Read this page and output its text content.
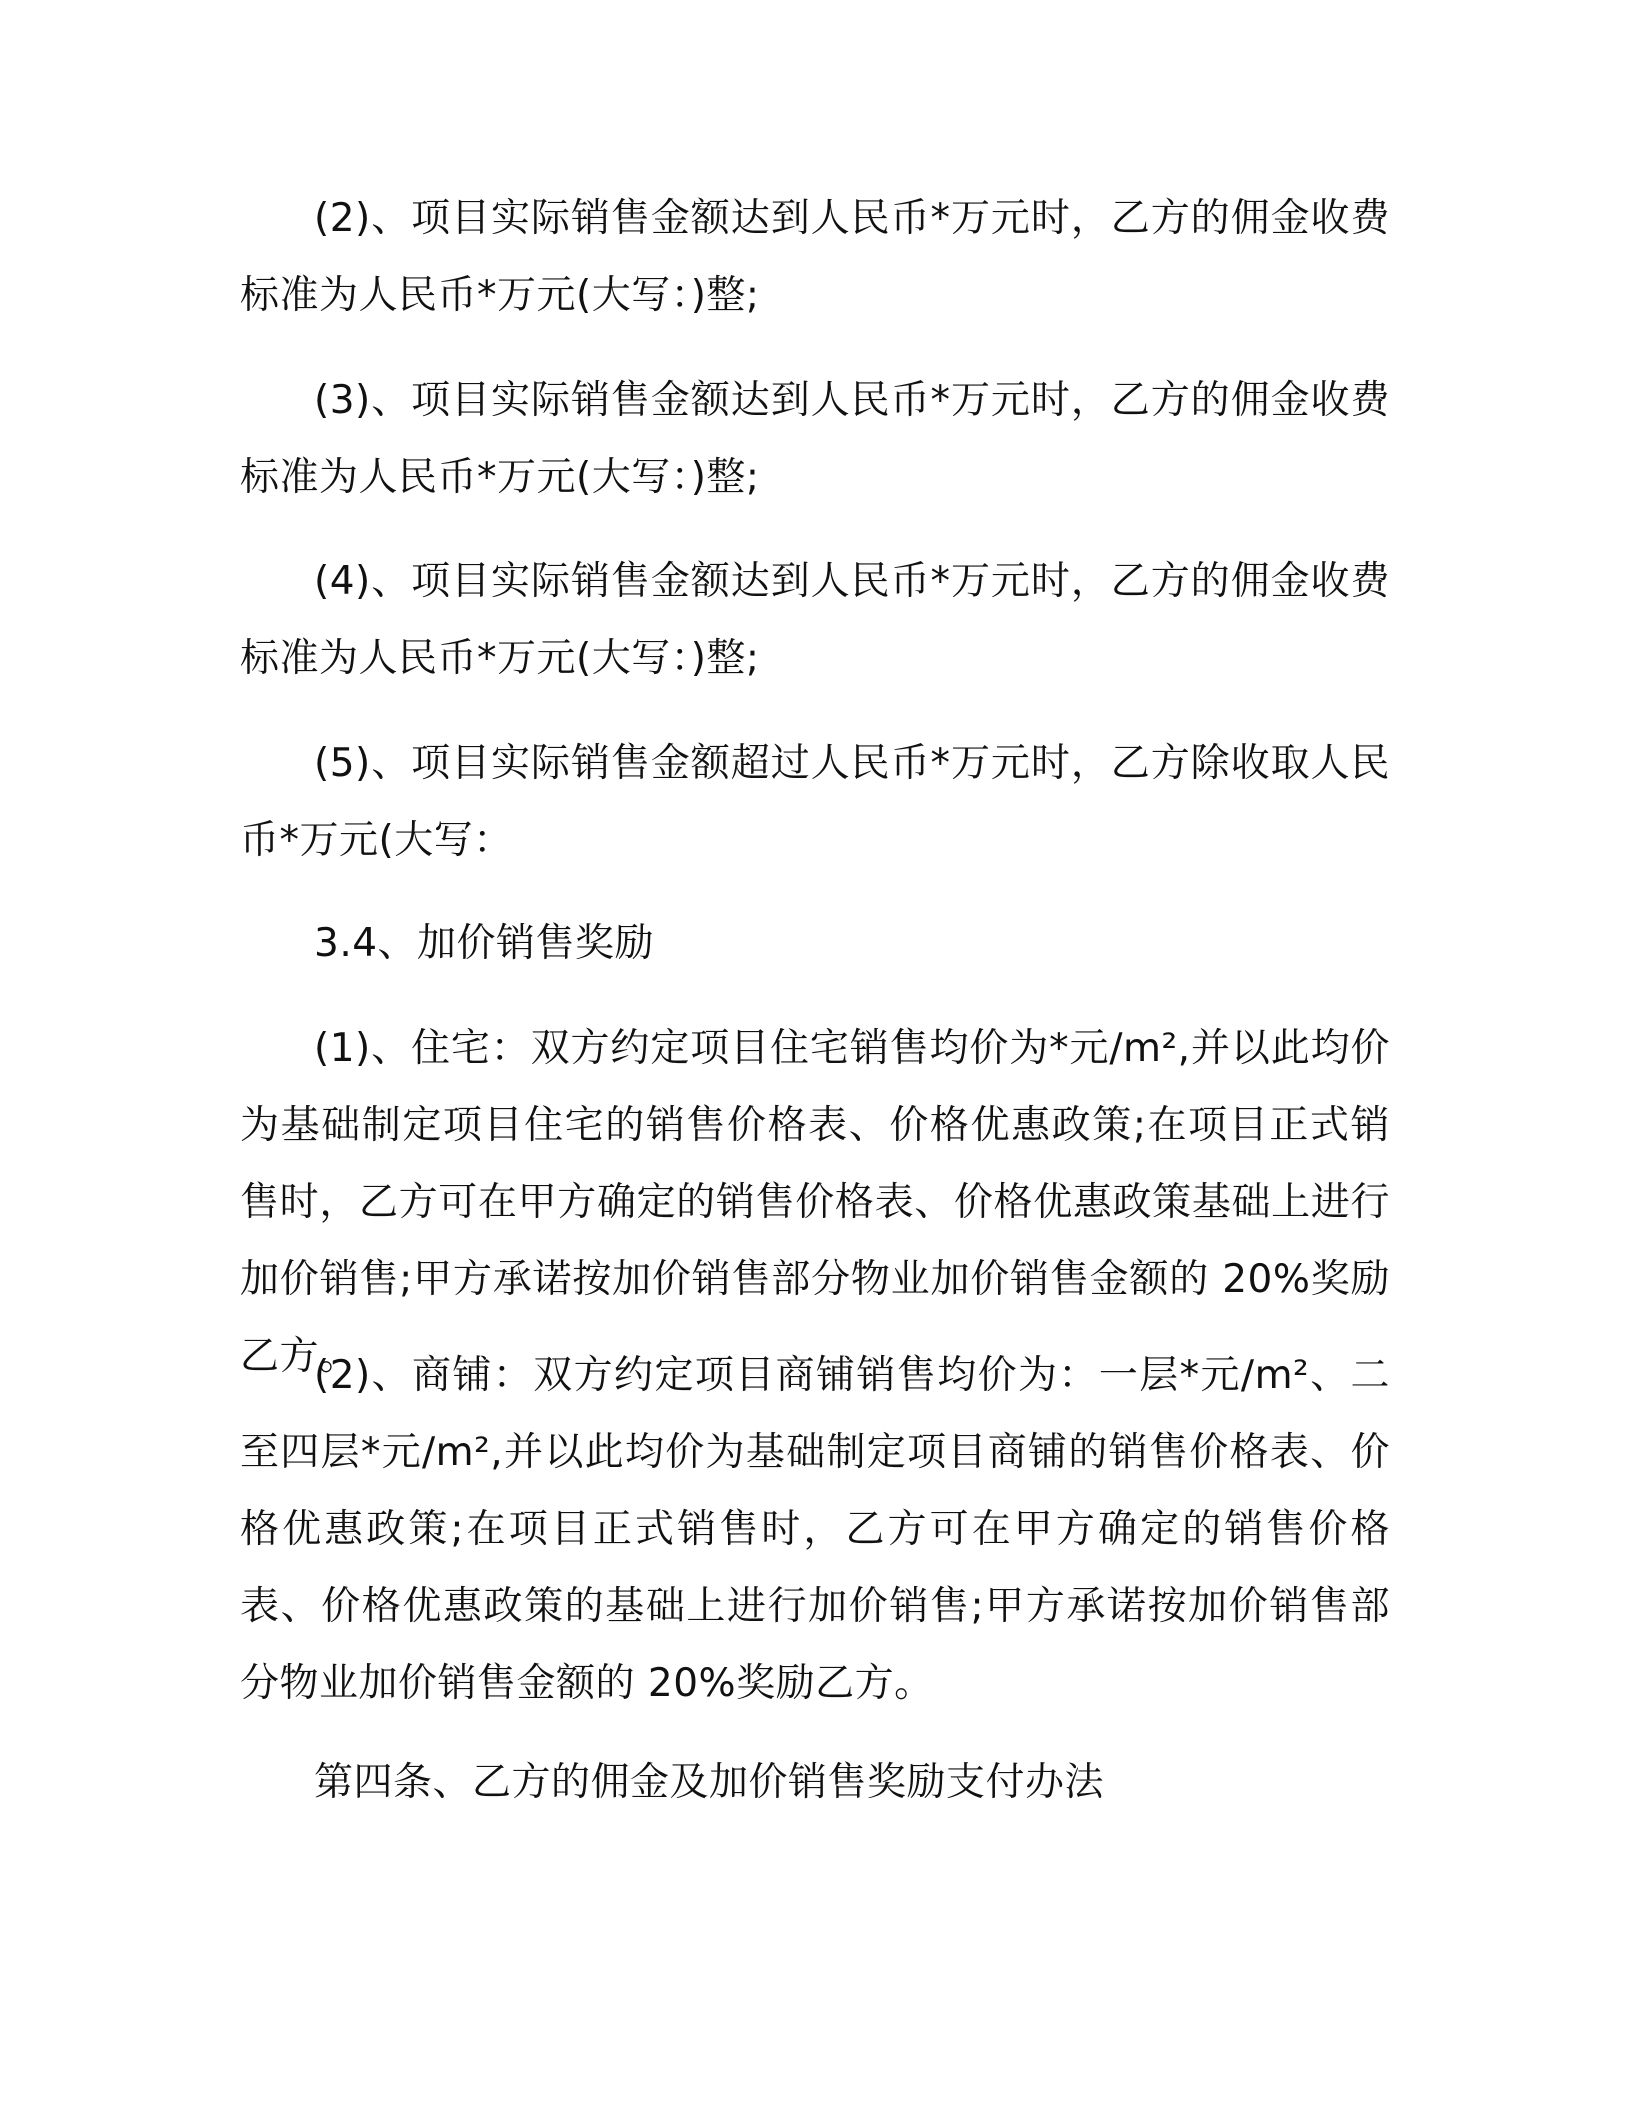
(2)、项目实际销售金额达到人民币*万元时，乙方的佣金收费标准为人民币*万元(大写：)整;

(3)、项目实际销售金额达到人民币*万元时，乙方的佣金收费标准为人民币*万元(大写：)整;

(4)、项目实际销售金额达到人民币*万元时，乙方的佣金收费标准为人民币*万元(大写：)整;

(5)、项目实际销售金额超过人民币*万元时，乙方除收取人民币*万元(大写：

3.4、加价销售奖励

(1)、住宅：双方约定项目住宅销售均价为*元/m²,并以此均价为基础制定项目住宅的销售价格表、价格优惠政策;在项目正式销售时，乙方可在甲方确定的销售价格表、价格优惠政策基础上进行加价销售;甲方承诺按加价销售部分物业加价销售金额的 20%奖励乙方。

(2)、商铺：双方约定项目商铺销售均价为：一层*元/m²、二至四层*元/m²,并以此均价为基础制定项目商铺的销售价格表、价格优惠政策;在项目正式销售时，乙方可在甲方确定的销售价格表、价格优惠政策的基础上进行加价销售;甲方承诺按加价销售部分物业加价销售金额的 20%奖励乙方。

第四条、乙方的佣金及加价销售奖励支付办法
